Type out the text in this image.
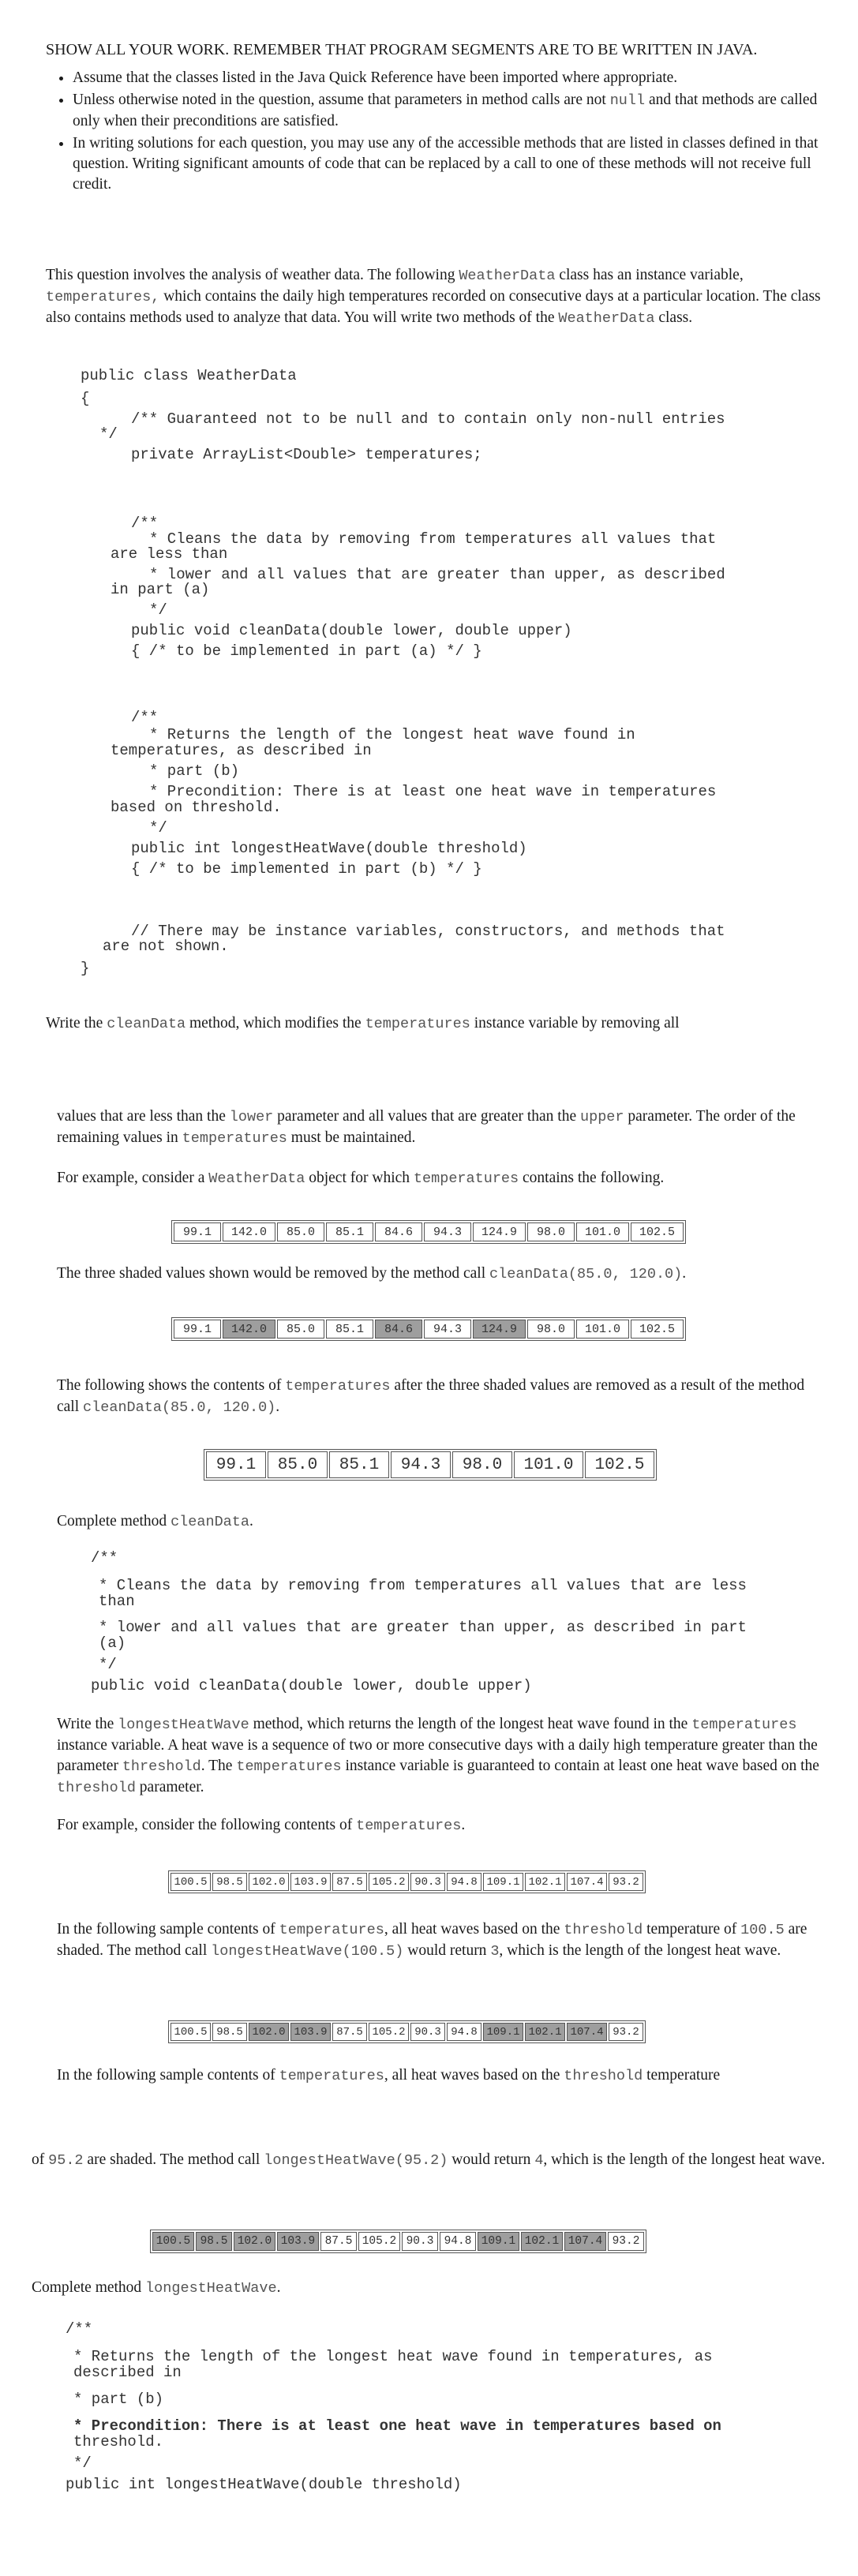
SHOW ALL YOUR WORK. REMEMBER THAT PROGRAM SEGMENTS ARE TO BE WRITTEN IN JAVA.
• Assume that the classes listed in the Java Quick Reference have been imported where appropriate.
• Unless otherwise noted in the question, assume that parameters in method calls are not null and that methods are called only when their preconditions are satisfied.
• In writing solutions for each question, you may use any of the accessible methods that are listed in classes defined in that question. Writing significant amounts of code that can be replaced by a call to one of these methods will not receive full credit.
This question involves the analysis of weather data. The following WeatherData class has an instance variable, temperatures, which contains the daily high temperatures recorded on consecutive days at a particular location. The class also contains methods used to analyze that data. You will write two methods of the WeatherData class.
public class WeatherData
{
/** Guaranteed not to be null and to contain only non-null entries
*/
private ArrayList<Double> temperatures;
/**
* Cleans the data by removing from temperatures all values that
are less than
* lower and all values that are greater than upper, as described
in part (a)
*/
public void cleanData(double lower, double upper)
{ /* to be implemented in part (a) */ }
/**
* Returns the length of the longest heat wave found in
temperatures, as described in
* part (b)
* Precondition: There is at least one heat wave in temperatures
based on threshold.
*/
public int longestHeatWave(double threshold)
{ /* to be implemented in part (b) */ }
// There may be instance variables, constructors, and methods that
are not shown.
}
Write the cleanData method, which modifies the temperatures instance variable by removing all
values that are less than the lower parameter and all values that are greater than the upper parameter. The order of the remaining values in temperatures must be maintained.
For example, consider a WeatherData object for which temperatures contains the following.
99.1	142.0	85.0	85.1	84.6	94.3	124.9	98.0	101.0	102.5
The three shaded values shown would be removed by the method call cleanData(85.0, 120.0).
99.1	142.0	85.0	85.1	84.6	94.3	124.9	98.0	101.0	102.5
The following shows the contents of temperatures after the three shaded values are removed as a result of the method call cleanData(85.0, 120.0).
99.1	85.0	85.1	94.3	98.0	101.0	102.5
Complete method cleanData.
/**
* Cleans the data by removing from temperatures all values that are less
than
* lower and all values that are greater than upper, as described in part
(a)
*/
public void cleanData(double lower, double upper)
Write the longestHeatWave method, which returns the length of the longest heat wave found in the temperatures instance variable. A heat wave is a sequence of two or more consecutive days with a daily high temperature greater than the parameter threshold. The temperatures instance variable is guaranteed to contain at least one heat wave based on the threshold parameter.
For example, consider the following contents of temperatures.
100.5 98.5 102.0 103.9 87.5 105.2 90.3 94.8 109.1 102.1 107.4 93.2
In the following sample contents of temperatures, all heat waves based on the threshold temperature of 100.5 are shaded. The method call longestHeatWave(100.5) would return 3, which is the length of the longest heat wave.
100.5 98.5 102.0 103.9 87.5 105.2 90.3 94.8 109.1 102.1 107.4 93.2
In the following sample contents of temperatures, all heat waves based on the threshold temperature
of 95.2 are shaded. The method call longestHeatWave(95.2) would return 4, which is the length of the longest heat wave.
100.5 98.5 102.0 103.9 87.5 105.2 90.3 94.8 109.1 102.1 107.4 93.2
Complete method longestHeatWave.
/**
* Returns the length of the longest heat wave found in temperatures, as
described in
* part (b)
* Precondition: There is at least one heat wave in temperatures based on
threshold.
*/
public int longestHeatWave(double threshold)
